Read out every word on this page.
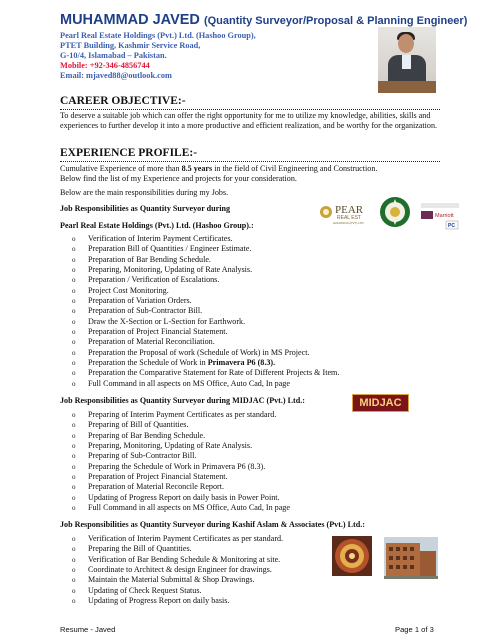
MUHAMMAD JAVED (Quantity Surveyor/Proposal & Planning Engineer)
Pearl Real Estate Holdings (Pvt.) Ltd. (Hashoo Group),
PTET Building, Kashmir Service Road,
G-10/4, Islamabad – Pakistan.
Mobile: +92-346-4856744
Email: mjaved88@outlook.com
CAREER OBJECTIVE:-
To deserve a suitable job which can offer the right opportunity for me to utilize my knowledge, abilities, skills and experiences to further develop it into a more productive and efficient realization, and be worthy for the organization.
EXPERIENCE PROFILE:-
Cumulative Experience of more than 8.5 years in the field of Civil Engineering and Construction.
Below find the list of my Experience and projects for your consideration.
Below are the main responsibilities during my Jobs.
Job Responsibilities as Quantity Surveyor during
Pearl Real Estate Holdings (Pvt.) Ltd. (Hashoo Group).:
o Verification of Interim Payment Certificates.
o Preparation Bill of Quantities / Engineer Estimate.
o Preparation of Bar Bending Schedule.
o Preparing, Monitoring, Updating of Rate Analysis.
o Preparation / Verification of Escalations.
o Project Cost Monitoring.
o Preparation of Variation Orders.
o Preparation of Sub-Contractor Bill.
o Draw the X-Section or L-Section for Earthwork.
o Preparation of Project Financial Statement.
o Preparation of Material Reconciliation.
o Preparation the Proposal of work (Schedule of Work) in MS Project.
o Preparation the Schedule of Work in Primavera P6 (8.3).
o Preparation the Comparative Statement for Rate of Different Projects & Item.
o Full Command in all aspects on MS Office, Auto Cad, In page
PEAR
REAL EST
HOLDINGS (PVT) LTD
Marriott
PC
Job Responsibilities as Quantity Surveyor during MIDJAC (Pvt.) Ltd.:	MIDJAC
o Preparing of Interim Payment Certificates as per standard.
o Preparing of Bill of Quantities.
o Preparing of Bar Bending Schedule.
o Preparing, Monitoring, Updating of Rate Analysis.
o Preparing of Sub-Contractor Bill.
o Preparing the Schedule of Work in Primavera P6 (8.3).
o Preparation of Project Financial Statement.
o Preparation of Material Reconcile Report.
o Updating of Progress Report on daily basis in Power Point.
o Full Command in all aspects on MS Office, Auto Cad, In page
Job Responsibilities as Quantity Surveyor during Kashif Aslam & Associates (Pvt.) Ltd.:
o Verification of Interim Payment Certificates as per standard.
o Preparing the Bill of Quantities.
o Verification of Bar Bending Schedule & Monitoring at site.
o Coordinate to Architect & design Engineer for drawings.
o Maintain the Material Submittal & Shop Drawings.
o Updating of Check Request Status.
o Updating of Progress Report on daily basis.
Resume - Javed	Page 1 of 3
